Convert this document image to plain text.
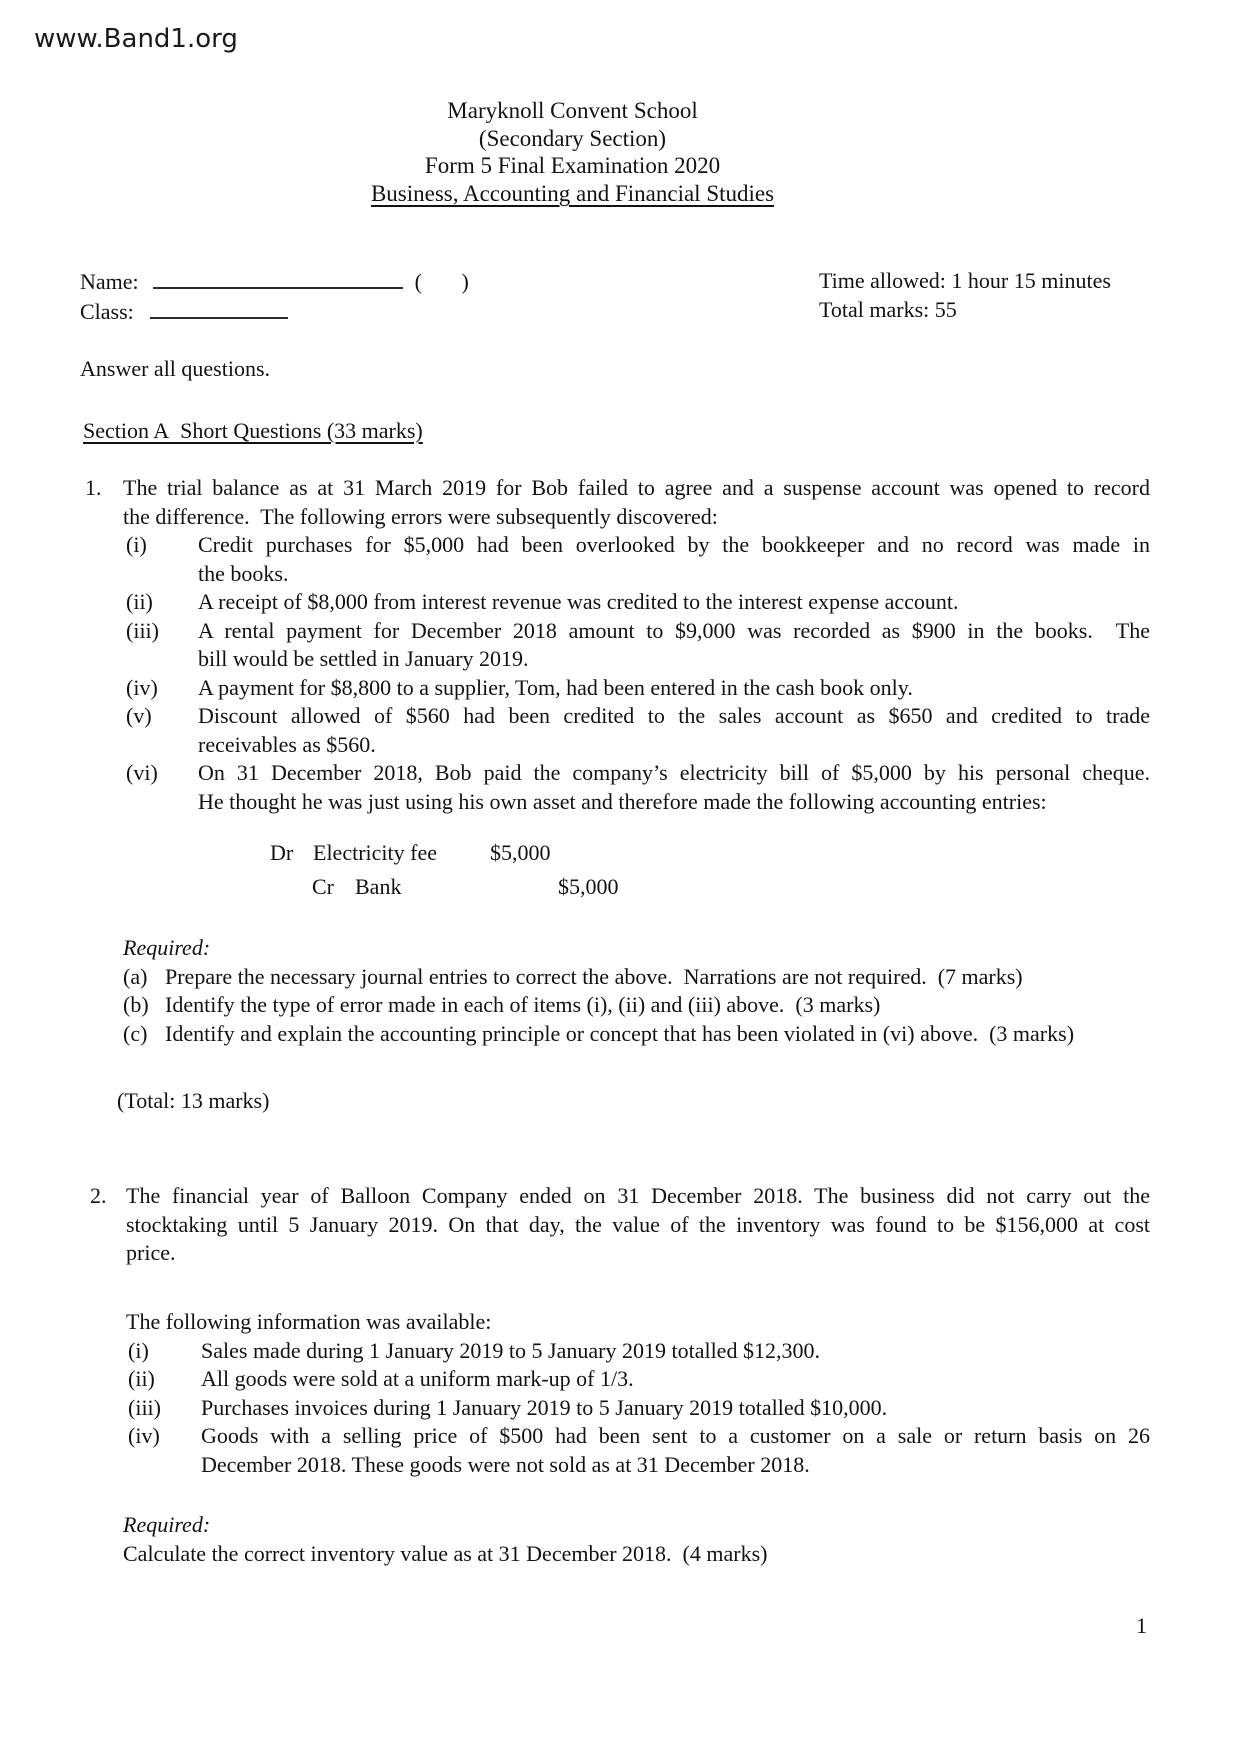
www.Band1.org
Maryknoll Convent School
(Secondary Section)
Form 5 Final Examination 2020
Business, Accounting and Financial Studies
Name:	(     )
Class:
Time allowed: 1 hour 15 minutes
Total marks: 55
Answer all questions.
Section A  Short Questions (33 marks)
1. The trial balance as at 31 March 2019 for Bob failed to agree and a suspense account was opened to record
the difference.  The following errors were subsequently discovered:
(i) Credit purchases for $5,000 had been overlooked by the bookkeeper and no record was made in
the books.
(ii) A receipt of $8,000 from interest revenue was credited to the interest expense account.
(iii) A rental payment for December 2018 amount to $9,000 was recorded as $900 in the books.  The
bill would be settled in January 2019.
(iv) A payment for $8,800 to a supplier, Tom, had been entered in the cash book only.
(v) Discount allowed of $560 had been credited to the sales account as $650 and credited to trade
receivables as $560.
(vi) On 31 December 2018, Bob paid the company’s electricity bill of $5,000 by his personal cheque.
He thought he was just using his own asset and therefore made the following accounting entries:
Dr Electricity fee $5,000
Cr Bank	$5,000
Required:
(a) Prepare the necessary journal entries to correct the above.  Narrations are not required.  (7 marks)
(b) Identify the type of error made in each of items (i), (ii) and (iii) above.  (3 marks)
(c) Identify and explain the accounting principle or concept that has been violated in (vi) above.  (3 marks)
(Total: 13 marks)
2. The financial year of Balloon Company ended on 31 December 2018. The business did not carry out the
stocktaking until 5 January 2019. On that day, the value of the inventory was found to be $156,000 at cost
price.
The following information was available:
(i) Sales made during 1 January 2019 to 5 January 2019 totalled $12,300.
(ii) All goods were sold at a uniform mark-up of 1/3.
(iii) Purchases invoices during 1 January 2019 to 5 January 2019 totalled $10,000.
(iv) Goods with a selling price of $500 had been sent to a customer on a sale or return basis on 26
December 2018. These goods were not sold as at 31 December 2018.
Required:
Calculate the correct inventory value as at 31 December 2018.  (4 marks)
1
